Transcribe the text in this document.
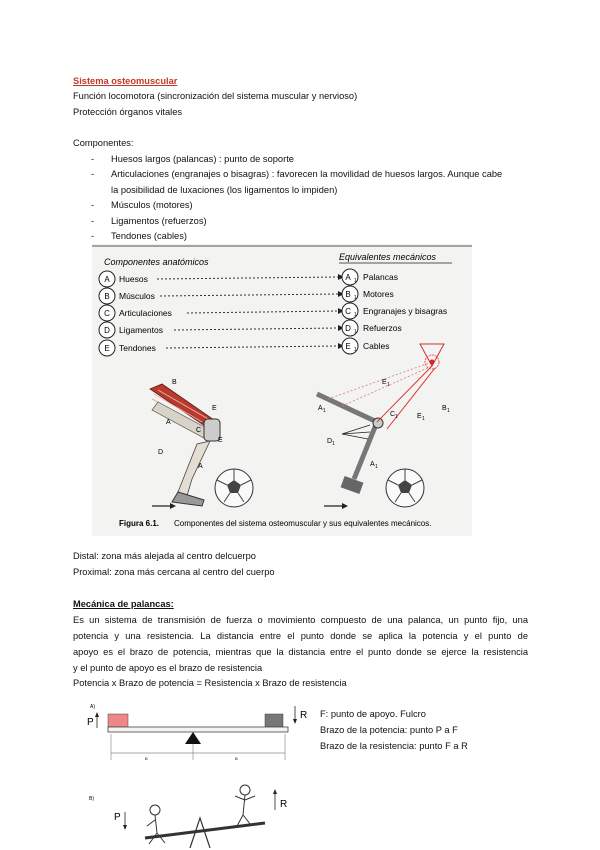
Sistema osteomuscular
Función locomotora (sincronización del sistema muscular y nervioso)
Protección órganos vitales
Componentes:
- Huesos largos (palancas) : punto de soporte
- Articulaciones (engranajes o bisagras) : favorecen la movilidad de huesos largos. Aunque cabe
la posibilidad de luxaciones (los ligamentos lo impiden)
- Músculos (motores)
- Ligamentos (refuerzos)
- Tendones (cables)
Componentes anatómicos	Equivalentes mecánicos
A Huesos	A 1 Palancas
B Músculos	B 1 Motores
C Articulaciones	C 1 Engranajes y bisagras
D Ligamentos	D 1 Refuerzos
E Tendones	E 1 Cables
B
E
C
A
E
D
A
A 1
E 1
C 1
B 1
D 1
A 1
E 1
Figura 6.1. Componentes del sistema osteomuscular y sus equivalentes mecánicos.
Distal: zona más alejada al centro delcuerpo
Proximal: zona más cercana al centro del cuerpo
Mecánica de palancas:
Es un sistema de transmisión de fuerza o movimiento compuesto de una palanca, un punto fijo, una
potencia y una resistencia. La distancia entre el punto donde se aplica la potencia y el punto de
apoyo es el brazo de potencia, mientras que la distancia entre el punto donde se ejerce la resistencia
y el punto de apoyo es el brazo de resistencia
Potencia x Brazo de potencia = Resistencia x Brazo de resistencia
A)
P
R
B	B
B)
P
R
F: punto de apoyo. Fulcro
Brazo de la potencia: punto P a F
Brazo de la resistencia: punto F a R
